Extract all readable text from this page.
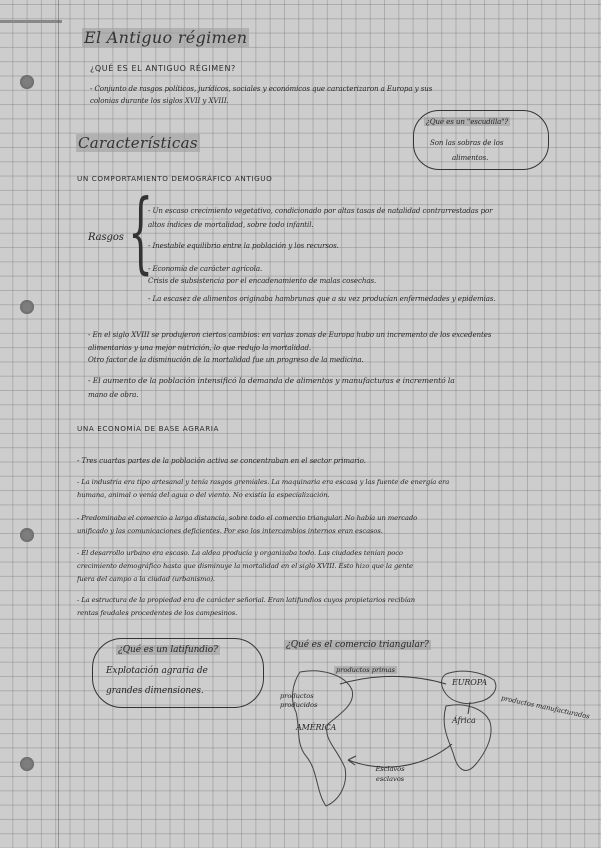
El Antiguo régimen
¿QUÉ ES EL ANTIGUO RÉGIMEN?
- Conjunto de rasgos políticos, jurídicos, sociales y económicos que caracterizaron a Europa y sus
colonias durante los siglos XVII y XVIII.
¿Qué es un "escudilla"?
Son las sobras de los
alimentos.
Características
UN COMPORTAMIENTO DEMOGRÁFICO ANTIGUO
Rasgos {
- Un escaso crecimiento vegetativo, condicionado por altas tasas de natalidad contrarrestadas por
altos índices de mortalidad, sobre todo infantil.
- Inestable equilibrio entre la población y los recursos.
- Economía de carácter agrícola.
Crisis de subsistencia por el encadenamiento de malas cosechas.
- La escasez de alimentos originaba hambrunas que a su vez producían enfermedades y epidemias.
- En el siglo XVIII se produjeron ciertos cambios: en varias zonas de Europa hubo un incremento de los excedentes
alimentarios y una mejor nutrición, lo que redujo la mortalidad.
Otro factor de la disminución de la mortalidad fue un progreso de la medicina.
- El aumento de la población intensificó la demanda de alimentos y manufacturas e incrementó la
mano de obra.
UNA ECONOMÍA DE BASE AGRARIA
- Tres cuartas partes de la población activa se concentraban en el sector primario.
- La industria era tipo artesanal y tenía rasgos gremiales. La maquinaria era escasa y las fuente de energía era
humana, animal o venía del agua o del viento. No existía la especialización.
- Predominaba el comercio a larga distancia, sobre todo el comercio triangular. No había un mercado
unificado y las comunicaciones deficientes. Por eso los intercambios internos eran escasos.
- El desarrollo urbano era escaso. La aldea producía y organizaba todo. Las ciudades tenían poco
crecimiento demográfico hasta que disminuye la mortalidad en el siglo XVIII. Esto hizo que la gente
fuera del campo a la ciudad (urbanismo).
- La estructura de la propiedad era de carácter señorial. Eran latifundios cuyos propietarios recibían
rentas feudales procedentes de los campesinos.
¿Qué es un latifundio?
Explotación agraria de
grandes dimensiones.
¿Qué es el comercio triangular?
productos primas
EUROPA
productos manufacturados
productos producidos
AMÉRICA
África
Esclavos esclavos
